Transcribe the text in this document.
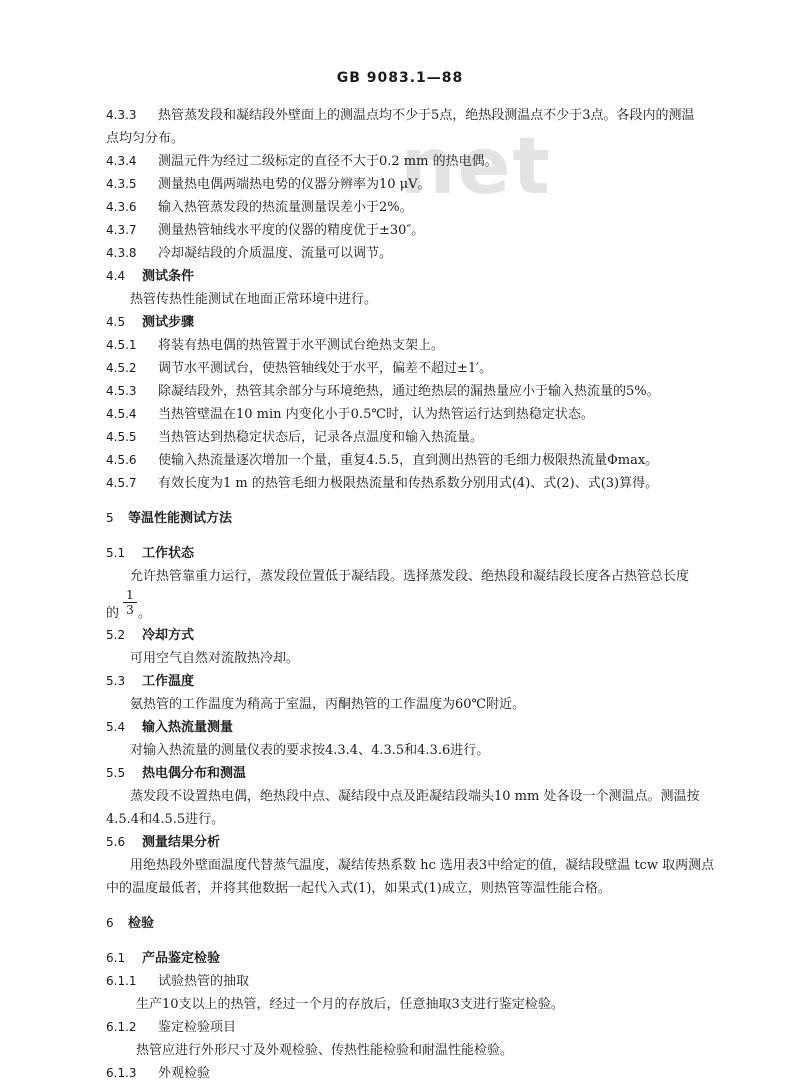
GB 9083.1—88
net
4.3.3 热管蒸发段和凝结段外壁面上的测温点均不少于5点，绝热段测温点不少于3点。各段内的测温
点均匀分布。
4.3.4 测温元件为经过二级标定的直径不大于0.2 mm 的热电偶。
4.3.5 测量热电偶两端热电势的仪器分辨率为10 μV。
4.3.6 输入热管蒸发段的热流量测量误差小于2%。
4.3.7 测量热管轴线水平度的仪器的精度优于±30″。
4.3.8 冷却凝结段的介质温度、流量可以调节。
4.4 测试条件
热管传热性能测试在地面正常环境中进行。
4.5 测试步骤
4.5.1 将装有热电偶的热管置于水平测试台绝热支架上。
4.5.2 调节水平测试台，使热管轴线处于水平，偏差不超过±1′。
4.5.3 除凝结段外，热管其余部分与环境绝热，通过绝热层的漏热量应小于输入热流量的5%。
4.5.4 当热管壁温在10 min 内变化小于0.5℃时，认为热管运行达到热稳定状态。
4.5.5 当热管达到热稳定状态后，记录各点温度和输入热流量。
4.5.6 使输入热流量逐次增加一个量，重复4.5.5，直到测出热管的毛细力极限热流量Φmax。
4.5.7 有效长度为1 m 的热管毛细力极限热流量和传热系数分别用式(4)、式(2)、式(3)算得。
5 等温性能测试方法
5.1 工作状态
允许热管靠重力运行，蒸发段位置低于凝结段。选择蒸发段、绝热段和凝结段长度各占热管总长度
的 $\frac{1}{3}$ 。
5.2 冷却方式
可用空气自然对流散热冷却。
5.3 工作温度
氨热管的工作温度为稍高于室温，丙酮热管的工作温度为60℃附近。
5.4 输入热流量测量
对输入热流量的测量仪表的要求按4.3.4、4.3.5和4.3.6进行。
5.5 热电偶分布和测温
蒸发段不设置热电偶，绝热段中点、凝结段中点及距凝结段端头10 mm 处各设一个测温点。测温按
4.5.4和4.5.5进行。
5.6 测量结果分析
用绝热段外壁面温度代替蒸气温度，凝结传热系数 hc 选用表3中给定的值，凝结段壁温 tcw 取两测点
中的温度最低者，并将其他数据一起代入式(1)，如果式(1)成立，则热管等温性能合格。
6 检验
6.1 产品鉴定检验
6.1.1 试验热管的抽取
生产10支以上的热管，经过一个月的存放后，任意抽取3支进行鉴定检验。
6.1.2 鉴定检验项目
热管应进行外形尺寸及外观检验、传热性能检验和耐温性能检验。
6.1.3 外观检验
